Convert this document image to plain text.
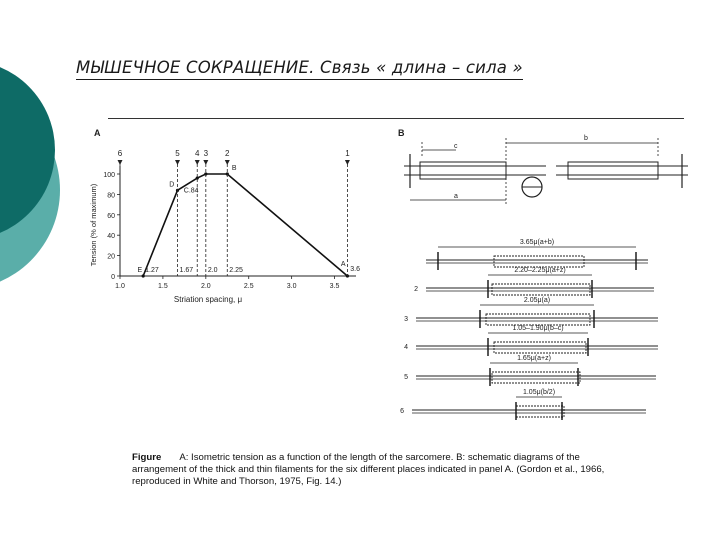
МЫШЕЧНОЕ СОКРАЩЕНИЕ. Связь « длина – сила »
A
0
20
40
60
80
100
1.0	1.5	2.0	2.5	3.0	3.5
Striation spacing, μ
Tension (% of maximum)
6	5 4 3 2	1
E 1.27
D
C.84
1.67 2.0 2.25
B
A
3.6
B
c
b
a
3.65μ(a+b)
2.20–2.25μ(a+z)
2
2.05μ(a)
3
1.05–1.90μ(b–c)
4
1.65μ(a+z)
5
1.05μ(b/2)
6
Figure A: Isometric tension as a function of the length of the sarcomere. B: schematic diagrams of the arrangement of the thick and thin filaments for the six different places indicated in panel A. (Gordon et al., 1966, reproduced in White and Thorson, 1975, Fig. 14.)
